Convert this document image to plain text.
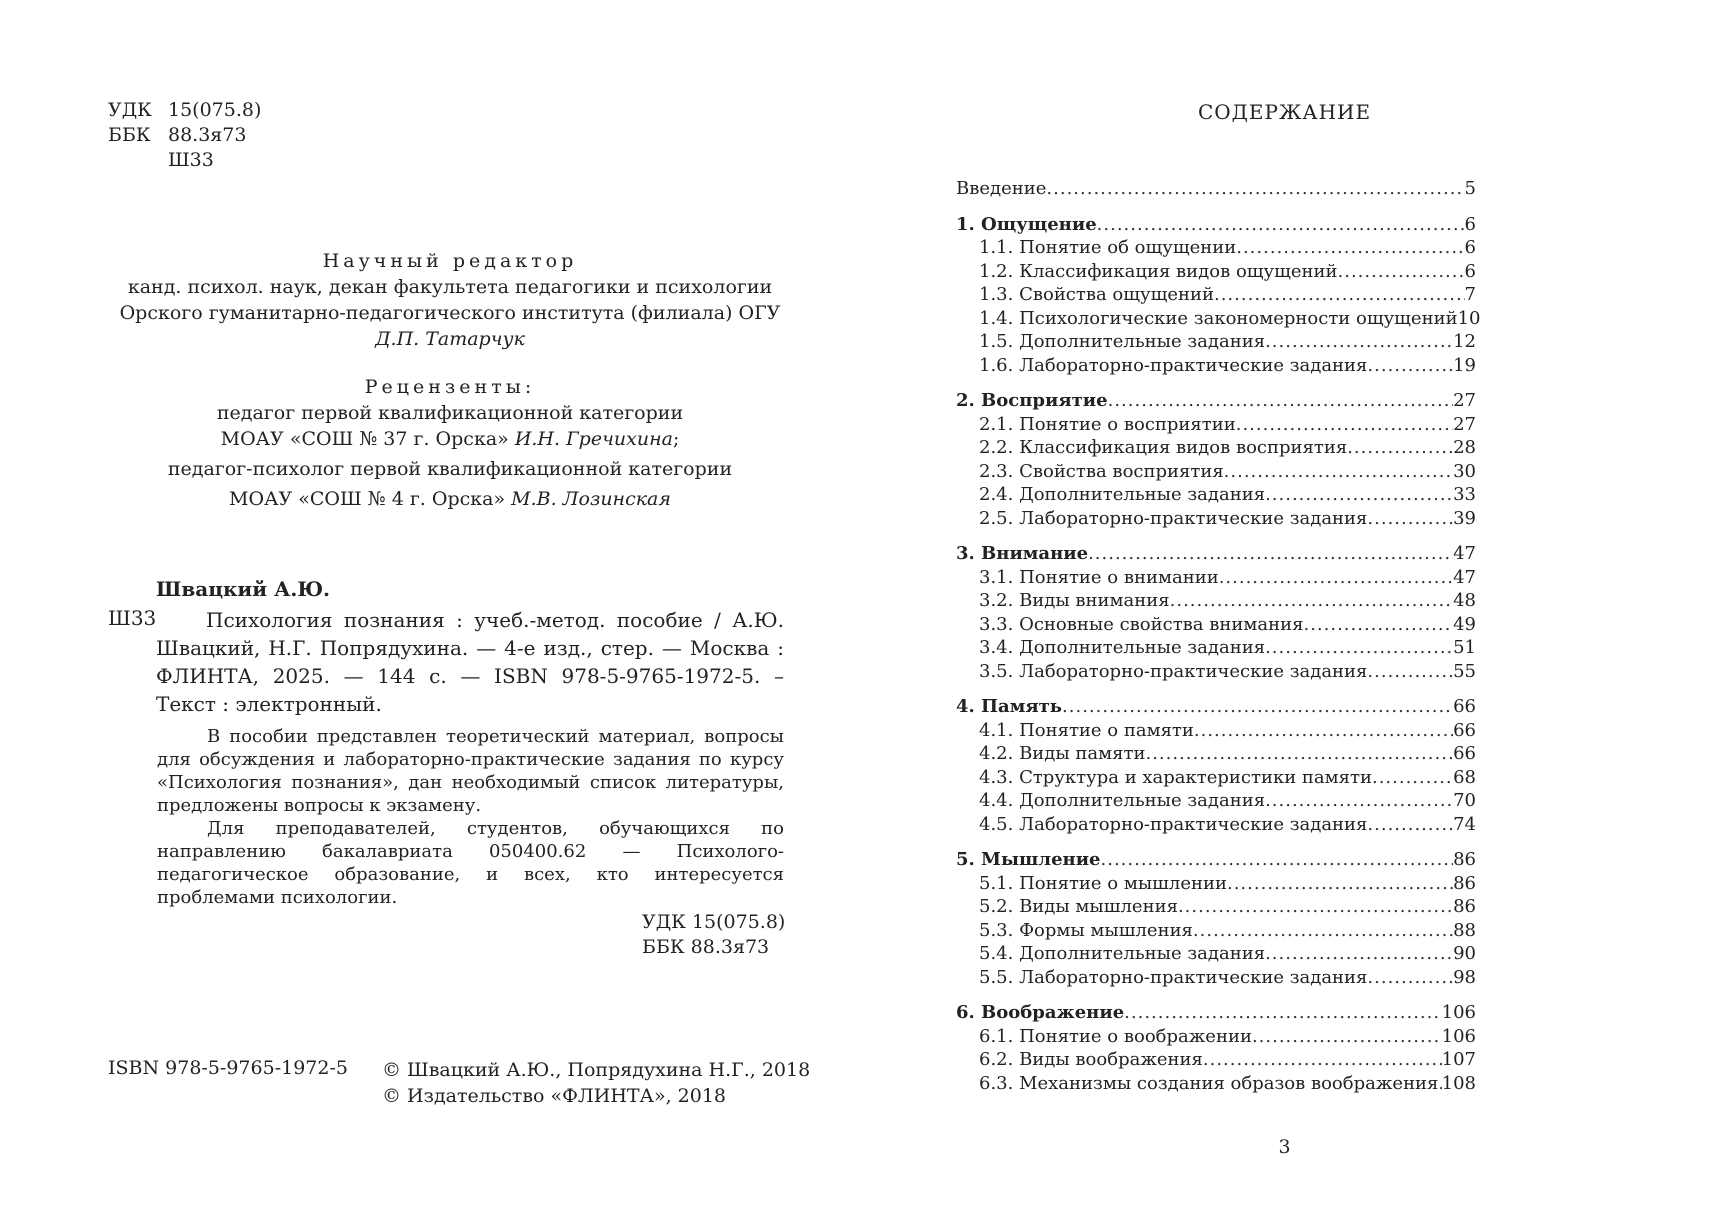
УДК 15(075.8)
ББК 88.3я73
Ш33
Научный редактор
канд. психол. наук, декан факультета педагогики и психологии
Орского гуманитарно-педагогического института (филиала) ОГУ
Д.П. Татарчук
Рецензенты:
педагог первой квалификационной категории
МОАУ «СОШ № 37 г. Орска» И.Н. Гречихина;
педагог-психолог первой квалификационной категории
МОАУ «СОШ № 4 г. Орска» М.В. Лозинская
Швацкий А.Ю.
Ш33	Психология познания : учеб.-метод. пособие / А.Ю. Швацкий, Н.Г. Попрядухина. — 4-е изд., стер. — Москва : ФЛИНТА, 2025. — 144 с. — ISBN 978-5-9765-1972-5. – Текст : электронный.

В пособии представлен теоретический материал, вопросы для обсуждения и лабораторно-практические задания по курсу «Психология познания», дан необходимый список литературы, предложены вопросы к экзамену.

Для преподавателей, студентов, обучающихся по направлению бакалавриата 050400.62 — Психолого-педагогическое образование, и всех, кто интересуется проблемами психологии.

УДК 15(075.8)
ББК 88.3я73
ISBN 978-5-9765-1972-5 © Швацкий А.Ю., Попрядухина Н.Г., 2018
© Издательство «ФЛИНТА», 2018
СОДЕРЖАНИЕ
Введение .....	5
1. Ощущение .....	6
1.1. Понятие об ощущении .....	6
1.2. Классификация видов ощущений .....	6
1.3. Свойства ощущений .....	7
1.4. Психологические закономерности ощущений 10
1.5. Дополнительные задания .....	12
1.6. Лабораторно-практические задания .....	19
2. Восприятие .....	27
2.1. Понятие о восприятии .....	27
2.2. Классификация видов восприятия .....	28
2.3. Свойства восприятия .....	30
2.4. Дополнительные задания .....	33
2.5. Лабораторно-практические задания .....	39
3. Внимание .....	47
3.1. Понятие о внимании .....	47
3.2. Виды внимания .....	48
3.3. Основные свойства внимания .....	49
3.4. Дополнительные задания .....	51
3.5. Лабораторно-практические задания .....	55
4. Память .....	66
4.1. Понятие о памяти .....	66
4.2. Виды памяти .....	66
4.3. Структура и характеристики памяти .....	68
4.4. Дополнительные задания .....	70
4.5. Лабораторно-практические задания .....	74
5. Мышление .....	86
5.1. Понятие о мышлении .....	86
5.2. Виды мышления .....	86
5.3. Формы мышления .....	88
5.4. Дополнительные задания .....	90
5.5. Лабораторно-практические задания .....	98
6. Воображение .....	106
6.1. Понятие о воображении .....	106
6.2. Виды воображения .....	107
6.3. Механизмы создания образов воображения ..... 108
3
